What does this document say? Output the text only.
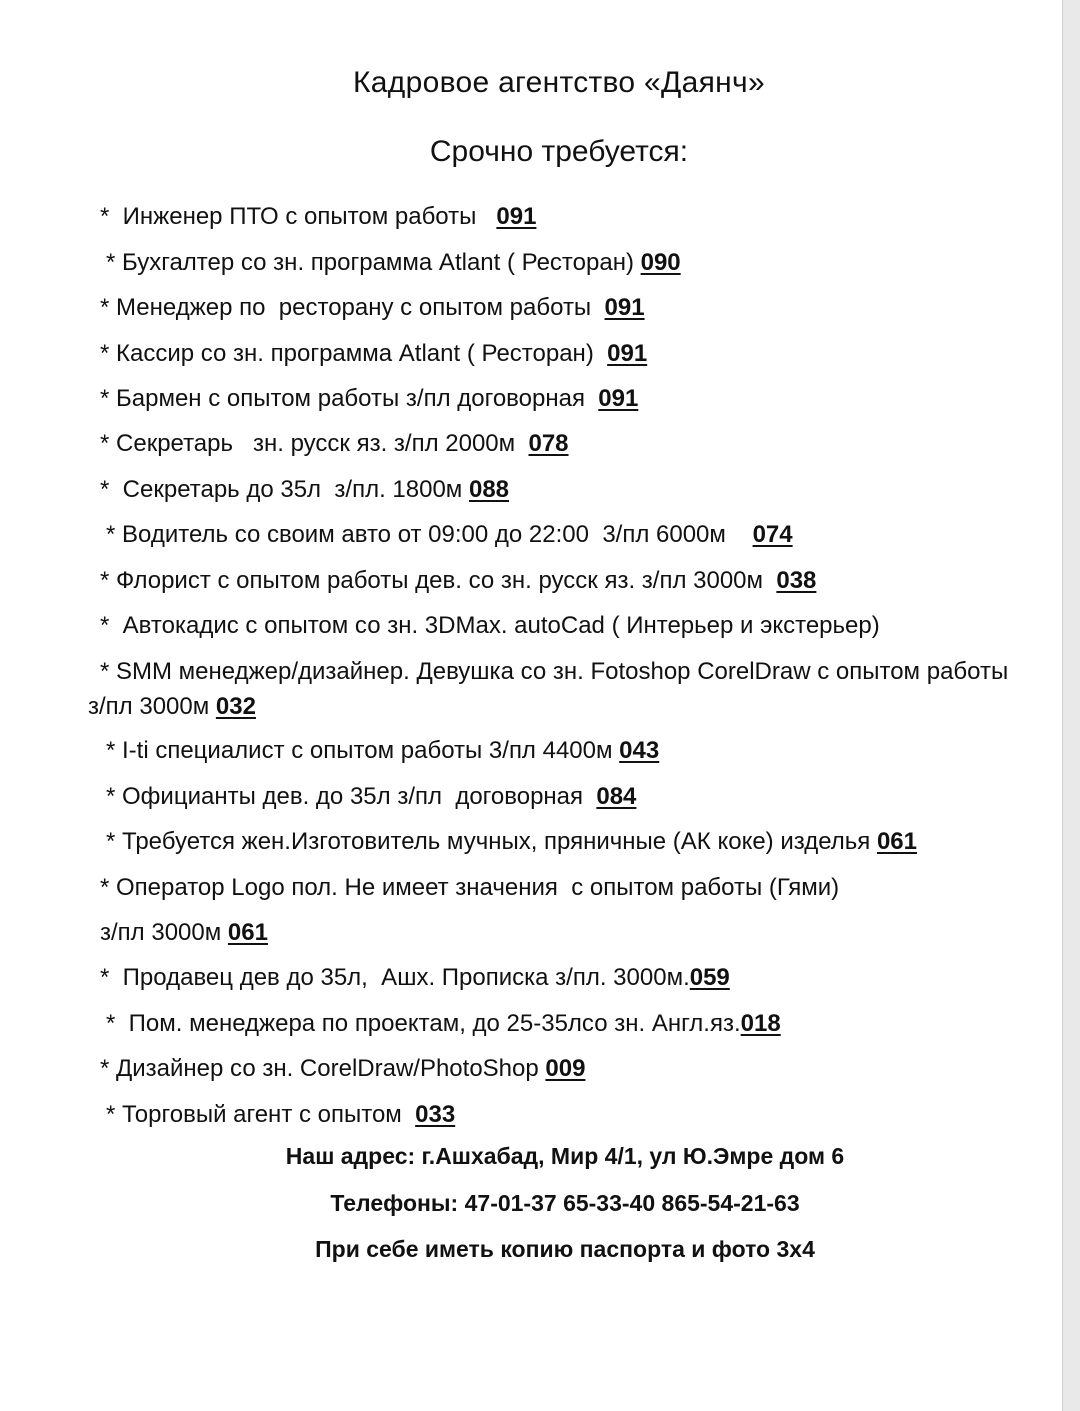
Кадровое агентство «Даянч»
Срочно требуется:
*  Инженер ПТО с опытом работы   091
* Бухгалтер со зн. программа Atlant ( Ресторан) 090
* Менеджер по  ресторану с опытом работы  091
* Кассир со зн. программа Atlant ( Ресторан)  091
* Бармен с опытом работы з/пл договорная  091
* Секретарь   зн. русск яз. з/пл 2000м  078
*  Секретарь до 35л  з/пл. 1800м 088
* Водитель со своим авто от 09:00 до 22:00  3/пл 6000м    074
* Флорист с опытом работы дев. со зн. русск яз. з/пл 3000м  038
*  Автокадис с опытом со зн. 3DMax. autoCad ( Интерьер и экстерьер)
* SMM менеджер/дизайнер. Девушка со зн. Fotoshop CorelDraw с опытом работы з/пл 3000м 032
* I-ti специалист с опытом работы 3/пл 4400м 043
* Официанты дев. до 35л з/пл  договорная  084
* Требуется жен.Изготовитель мучных, пряничные (АК коке) изделья 061
* Оператор Logo пол. Не имеет значения  с опытом работы (Гями)
з/пл 3000м 061
*  Продавец дев до 35л,  Ашх. Прописка з/пл. 3000м.059
*  Пом. менеджера по проектам, до 25-35лсо зн. Англ.яз.018
* Дизайнер со зн. CorelDraw/PhotoShop 009
* Торговый агент с опытом  033
Наш адрес: г.Ашхабад, Мир 4/1, ул Ю.Эмре дом 6
Телефоны: 47-01-37 65-33-40 865-54-21-63
При себе иметь копию паспорта и фото 3х4
